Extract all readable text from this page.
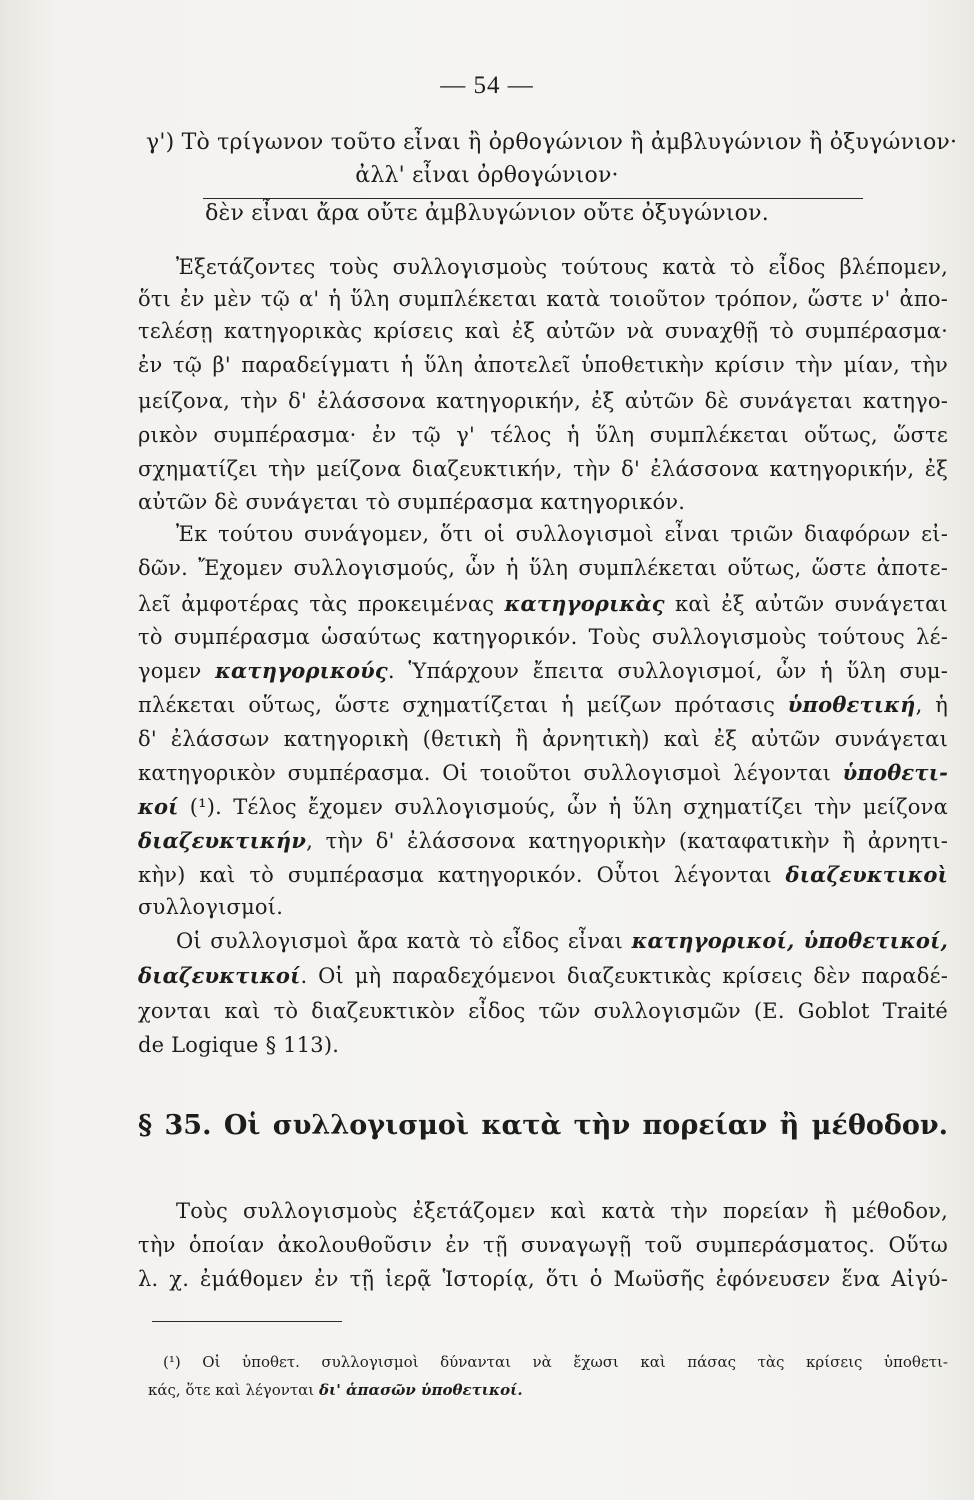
— 54 —
γ') Τὸ τρίγωνον τοῦτο εἶναι ἢ ὀρθογώνιον ἢ ἀμβλυγώνιον ἢ ὀξυγώνιον·
ἀλλ' εἶναι ὀρθογώνιον·
δὲν εἶναι ἄρα οὔτε ἀμβλυγώνιον οὔτε ὀξυγώνιον.
Ἐξετάζοντες τοὺς συλλογισμοὺς τούτους κατὰ τὸ εἶδος βλέπομεν,
ὅτι ἐν μὲν τῷ α' ἡ ὕλη συμπλέκεται κατὰ τοιοῦτον τρόπον, ὥστε ν' ἀπο-
τελέσῃ κατηγορικὰς κρίσεις καὶ ἐξ αὐτῶν νὰ συναχθῇ τὸ συμπέρασμα·
ἐν τῷ β' παραδείγματι ἡ ὕλη ἀποτελεῖ ὑποθετικὴν κρίσιν τὴν μίαν, τὴν
μείζονα, τὴν δ' ἐλάσσονα κατηγορικήν, ἐξ αὐτῶν δὲ συνάγεται κατηγο-
ρικὸν συμπέρασμα· ἐν τῷ γ' τέλος ἡ ὕλη συμπλέκεται οὕτως, ὥστε
σχηματίζει τὴν μείζονα διαζευκτικήν, τὴν δ' ἐλάσσονα κατηγορικήν, ἐξ
αὐτῶν δὲ συνάγεται τὸ συμπέρασμα κατηγορικόν.
Ἐκ τούτου συνάγομεν, ὅτι οἱ συλλογισμοὶ εἶναι τριῶν διαφόρων εἰ-
δῶν. Ἔχομεν συλλογισμούς, ὧν ἡ ὕλη συμπλέκεται οὕτως, ὥστε ἀποτε-
λεῖ ἀμφοτέρας τὰς προκειμένας κατηγορικὰς καὶ ἐξ αὐτῶν συνάγεται
τὸ συμπέρασμα ὡσαύτως κατηγορικόν. Τοὺς συλλογισμοὺς τούτους λέ-
γομεν κατηγορικούς. Ὑπάρχουν ἔπειτα συλλογισμοί, ὧν ἡ ὕλη συμ-
πλέκεται οὕτως, ὥστε σχηματίζεται ἡ μείζων πρότασις ὑποθετική, ἡ
δ' ἐλάσσων κατηγορικὴ (θετικὴ ἢ ἀρνητικὴ) καὶ ἐξ αὐτῶν συνάγεται
κατηγορικὸν συμπέρασμα. Οἱ τοιοῦτοι συλλογισμοὶ λέγονται ὑποθετι-
κοί (¹). Τέλος ἔχομεν συλλογισμούς, ὧν ἡ ὕλη σχηματίζει τὴν μείζονα
διαζευκτικήν, τὴν δ' ἐλάσσονα κατηγορικὴν (καταφατικὴν ἢ ἀρνητι-
κὴν) καὶ τὸ συμπέρασμα κατηγορικόν. Οὗτοι λέγονται διαζευκτικοὶ
συλλογισμοί.
Οἱ συλλογισμοὶ ἄρα κατὰ τὸ εἶδος εἶναι κατηγορικοί, ὑποθετικοί,
διαζευκτικοί. Οἱ μὴ παραδεχόμενοι διαζευκτικὰς κρίσεις δὲν παραδέ-
χονται καὶ τὸ διαζευκτικὸν εἶδος τῶν συλλογισμῶν (E. Goblot Traité
de Logique § 113).
§ 35. Οἱ συλλογισμοὶ κατὰ τὴν πορείαν ἢ μέθοδον.
Τοὺς συλλογισμοὺς ἐξετάζομεν καὶ κατὰ τὴν πορείαν ἢ μέθοδον,
τὴν ὁποίαν ἀκολουθοῦσιν ἐν τῇ συναγωγῇ τοῦ συμπεράσματος. Οὕτω
λ. χ. ἐμάθομεν ἐν τῇ ἱερᾷ Ἱστορίᾳ, ὅτι ὁ Μωϋσῆς ἐφόνευσεν ἕνα Αἰγύ-
(¹) Οἱ ὑποθετ. συλλογισμοὶ δύνανται νὰ ἔχωσι καὶ πάσας τὰς κρίσεις ὑποθετι-
κάς, ὅτε καὶ λέγονται δι' ἁπασῶν ὑποθετικοί.
